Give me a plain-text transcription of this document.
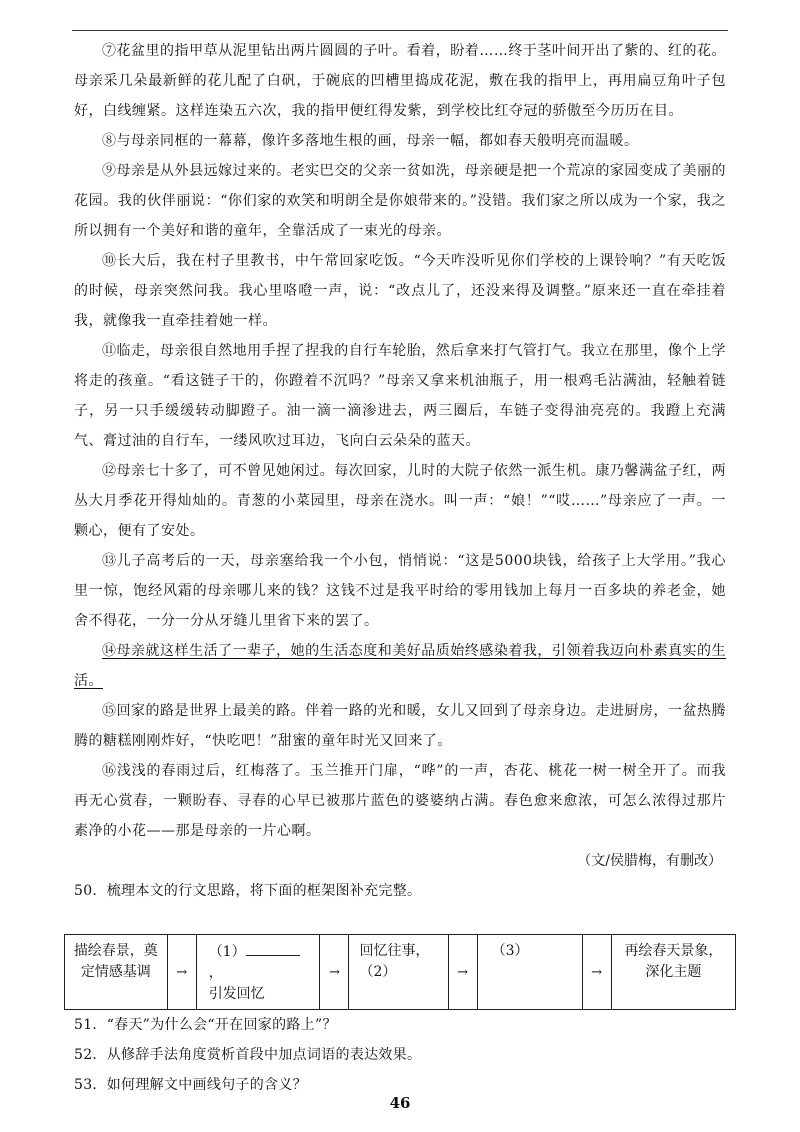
⑦花盆里的指甲草从泥里钻出两片圆圆的子叶。看着，盼着……终于茎叶间开出了紫的、红的花。母亲采几朵最新鲜的花儿配了白矾，于碗底的凹槽里捣成花泥，敷在我的指甲上，再用扁豆角叶子包好，白线缠紧。这样连染五六次，我的指甲便红得发紫，到学校比红夺冠的骄傲至今历历在目。

⑧与母亲同框的一幕幕，像许多落地生根的画，母亲一幅，都如春天般明亮而温暖。

⑨母亲是从外县远嫁过来的。老实巴交的父亲一贫如洗，母亲硬是把一个荒凉的家园变成了美丽的花园。我的伙伴丽说：“你们家的欢笑和明朗全是你娘带来的。”没错。我们家之所以成为一个家，我之所以拥有一个美好和谐的童年，全靠活成了一束光的母亲。

⑩长大后，我在村子里教书，中午常回家吃饭。“今天咋没听见你们学校的上课铃响？”有天吃饭的时候，母亲突然问我。我心里咯噔一声，说：“改点儿了，还没来得及调整。”原来还一直在牵挂着我，就像我一直牵挂着她一样。

⑪临走，母亲很自然地用手捏了捏我的自行车轮胎，然后拿来打气管打气。我立在那里，像个上学将走的孩童。“看这链子干的，你蹬着不沉吗？”母亲又拿来机油瓶子，用一根鸡毛沾满油，轻触着链子，另一只手缓缓转动脚蹬子。油一滴一滴渗进去，两三圈后，车链子变得油亮亮的。我蹬上充满气、膏过油的自行车，一缕风吹过耳边，飞向白云朵朵的蓝天。

⑫母亲七十多了，可不曾见她闲过。每次回家，儿时的大院子依然一派生机。康乃馨满盆子红，两丛大月季花开得灿灿的。青葱的小菜园里，母亲在浇水。叫一声：“娘！”“哎……”母亲应了一声。一颗心，便有了安处。

⑬儿子高考后的一天，母亲塞给我一个小包，悄悄说：“这是5000块钱，给孩子上大学用。”我心里一惊，饱经风霜的母亲哪儿来的钱？这钱不过是我平时给的零用钱加上每月一百多块的养老金，她舍不得花，一分一分从牙缝儿里省下来的罢了。

⑭母亲就这样生活了一辈子，她的生活态度和美好品质始终感染着我，引领着我迈向朴素真实的生活。

⑮回家的路是世界上最美的路。伴着一路的光和暖，女儿又回到了母亲身边。走进厨房，一盆热腾腾的糖糕刚刚炸好，“快吃吧！”甜蜜的童年时光又回来了。

⑯浅浅的春雨过后，红梅落了。玉兰推开门扉，“哗”的一声，杏花、桃花一树一树全开了。而我再无心赏春，一颗盼春、寻春的心早已被那片蓝色的婆婆纳占满。春色愈来愈浓，可怎么浓得过那片素净的小花——那是母亲的一片心啊。

（文/侯腊梅，有删改）

50．梳理本文的行文思路，将下面的框架图补充完整。

描绘春景，奠
定情感基调	→
（1），
引发回忆
→
回忆往事，
（2）	→
（3）
→
再绘春天景象，
深化主题

51．“春天”为什么会“开在回家的路上”？

52．从修辞手法角度赏析首段中加点词语的表达效果。

53．如何理解文中画线句子的含义？

46
